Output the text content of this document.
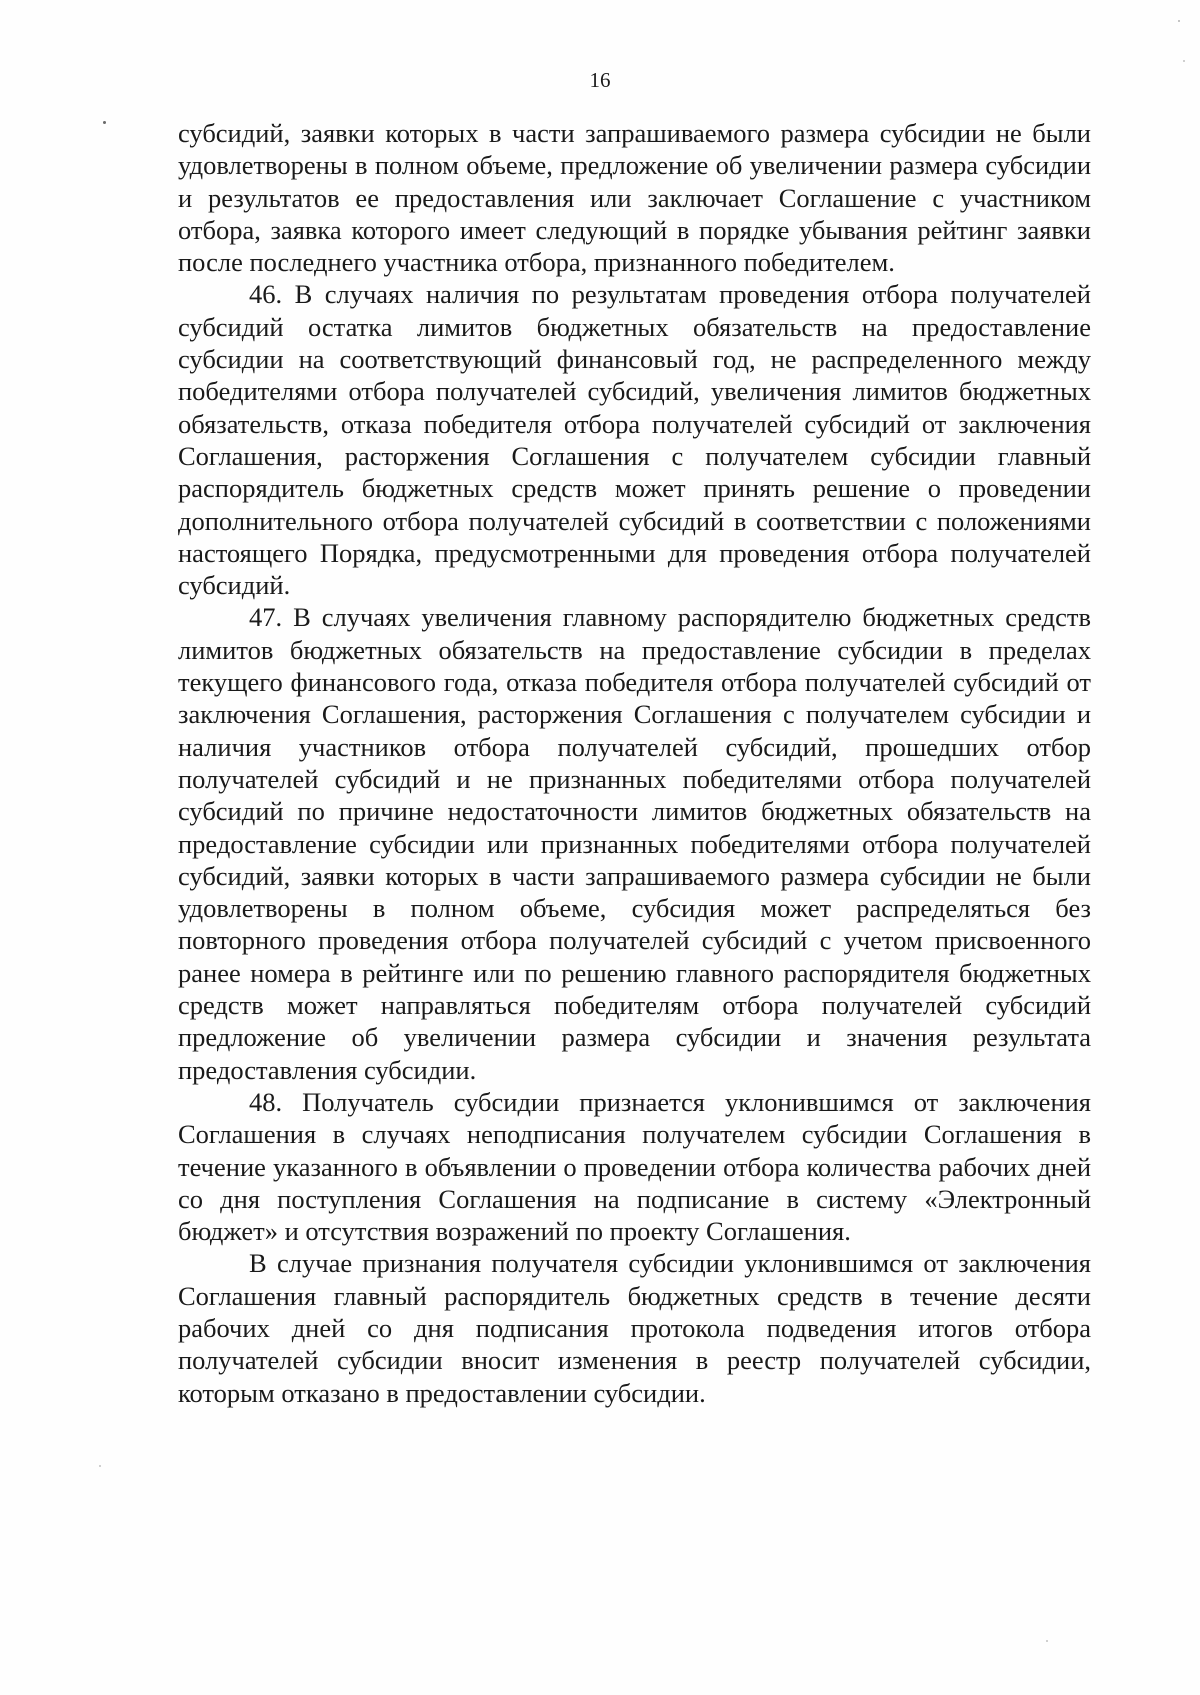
16

субсидий, заявки которых в части запрашиваемого размера субсидии не были удовлетворены в полном объеме, предложение об увеличении размера субсидии и результатов ее предоставления или заключает Соглашение с участником отбора, заявка которого имеет следующий в порядке убывания рейтинг заявки после последнего участника отбора, признанного победителем.

46. В случаях наличия по результатам проведения отбора получателей субсидий остатка лимитов бюджетных обязательств на предоставление субсидии на соответствующий финансовый год, не распределенного между победителями отбора получателей субсидий, увеличения лимитов бюджетных обязательств, отказа победителя отбора получателей субсидий от заключения Соглашения, расторжения Соглашения с получателем субсидии главный распорядитель бюджетных средств может принять решение о проведении дополнительного отбора получателей субсидий в соответствии с положениями настоящего Порядка, предусмотренными для проведения отбора получателей субсидий.

47. В случаях увеличения главному распорядителю бюджетных средств лимитов бюджетных обязательств на предоставление субсидии в пределах текущего финансового года, отказа победителя отбора получателей субсидий от заключения Соглашения, расторжения Соглашения с получателем субсидии и наличия участников отбора получателей субсидий, прошедших отбор получателей субсидий и не признанных победителями отбора получателей субсидий по причине недостаточности лимитов бюджетных обязательств на предоставление субсидии или признанных победителями отбора получателей субсидий, заявки которых в части запрашиваемого размера субсидии не были удовлетворены в полном объеме, субсидия может распределяться без повторного проведения отбора получателей субсидий с учетом присвоенного ранее номера в рейтинге или по решению главного распорядителя бюджетных средств может направляться победителям отбора получателей субсидий предложение об увеличении размера субсидии и значения результата предоставления субсидии.

48. Получатель субсидии признается уклонившимся от заключения Соглашения в случаях неподписания получателем субсидии Соглашения в течение указанного в объявлении о проведении отбора количества рабочих дней со дня поступления Соглашения на подписание в систему «Электронный бюджет» и отсутствия возражений по проекту Соглашения.

В случае признания получателя субсидии уклонившимся от заключения Соглашения главный распорядитель бюджетных средств в течение десяти рабочих дней со дня подписания протокола подведения итогов отбора получателей субсидии вносит изменения в реестр получателей субсидии, которым отказано в предоставлении субсидии.
